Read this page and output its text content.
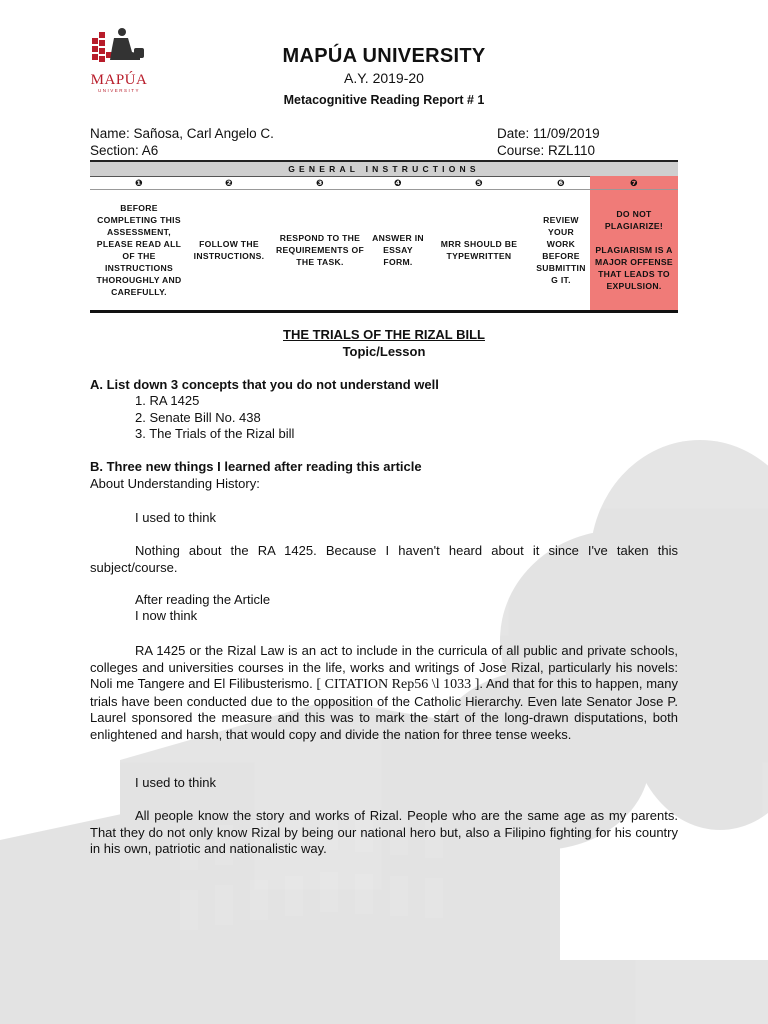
MAPÚA
UNIVERSITY
MAPÚA UNIVERSITY
A.Y. 2019-20
Metacognitive Reading Report # 1
Name: Sañosa, Carl Angelo C.
Section: A6
Date: 11/09/2019
Course: RZL110
GENERAL INSTRUCTIONS
❶	❷	❸	❹	❺	❻	❼
BEFORE COMPLETING THIS ASSESSMENT, PLEASE READ ALL OF THE INSTRUCTIONS THOROUGHLY AND CAREFULLY.	FOLLOW THE INSTRUCTIONS.	RESPOND TO THE REQUIREMENTS OF THE TASK.	ANSWER IN ESSAY FORM.	MRR SHOULD BE TYPEWRITTEN	REVIEW YOUR WORK BEFORE SUBMITTIN G IT.	DO NOT PLAGIARIZE!
PLAGIARISM IS A MAJOR OFFENSE THAT LEADS TO EXPULSION.
THE TRIALS OF THE RIZAL BILL
Topic/Lesson
A. List down 3 concepts that you do not understand well
1. RA 1425
2. Senate Bill No. 438
3. The Trials of the Rizal bill
B. Three new things I learned after reading this article
About Understanding History:
I used to think
Nothing about the RA 1425. Because I haven't heard about it since I've taken this subject/course.
After reading the Article
I now think
RA 1425 or the Rizal Law is an act to include in the curricula of all public and private schools, colleges and universities courses in the life, works and writings of Jose Rizal, particularly his novels: Noli me Tangere and El Filibusterismo. [ CITATION Rep56 \l 1033 ]. And that for this to happen, many trials have been conducted due to the opposition of the Catholic Hierarchy. Even late Senator Jose P. Laurel sponsored the measure and this was to mark the start of the long-drawn disputations, both enlightened and harsh, that would copy and divide the nation for three tense weeks.
I used to think
All people know the story and works of Rizal. People who are the same age as my parents. That they do not only know Rizal by being our national hero but, also a Filipino fighting for his country in his own, patriotic and nationalistic way.
